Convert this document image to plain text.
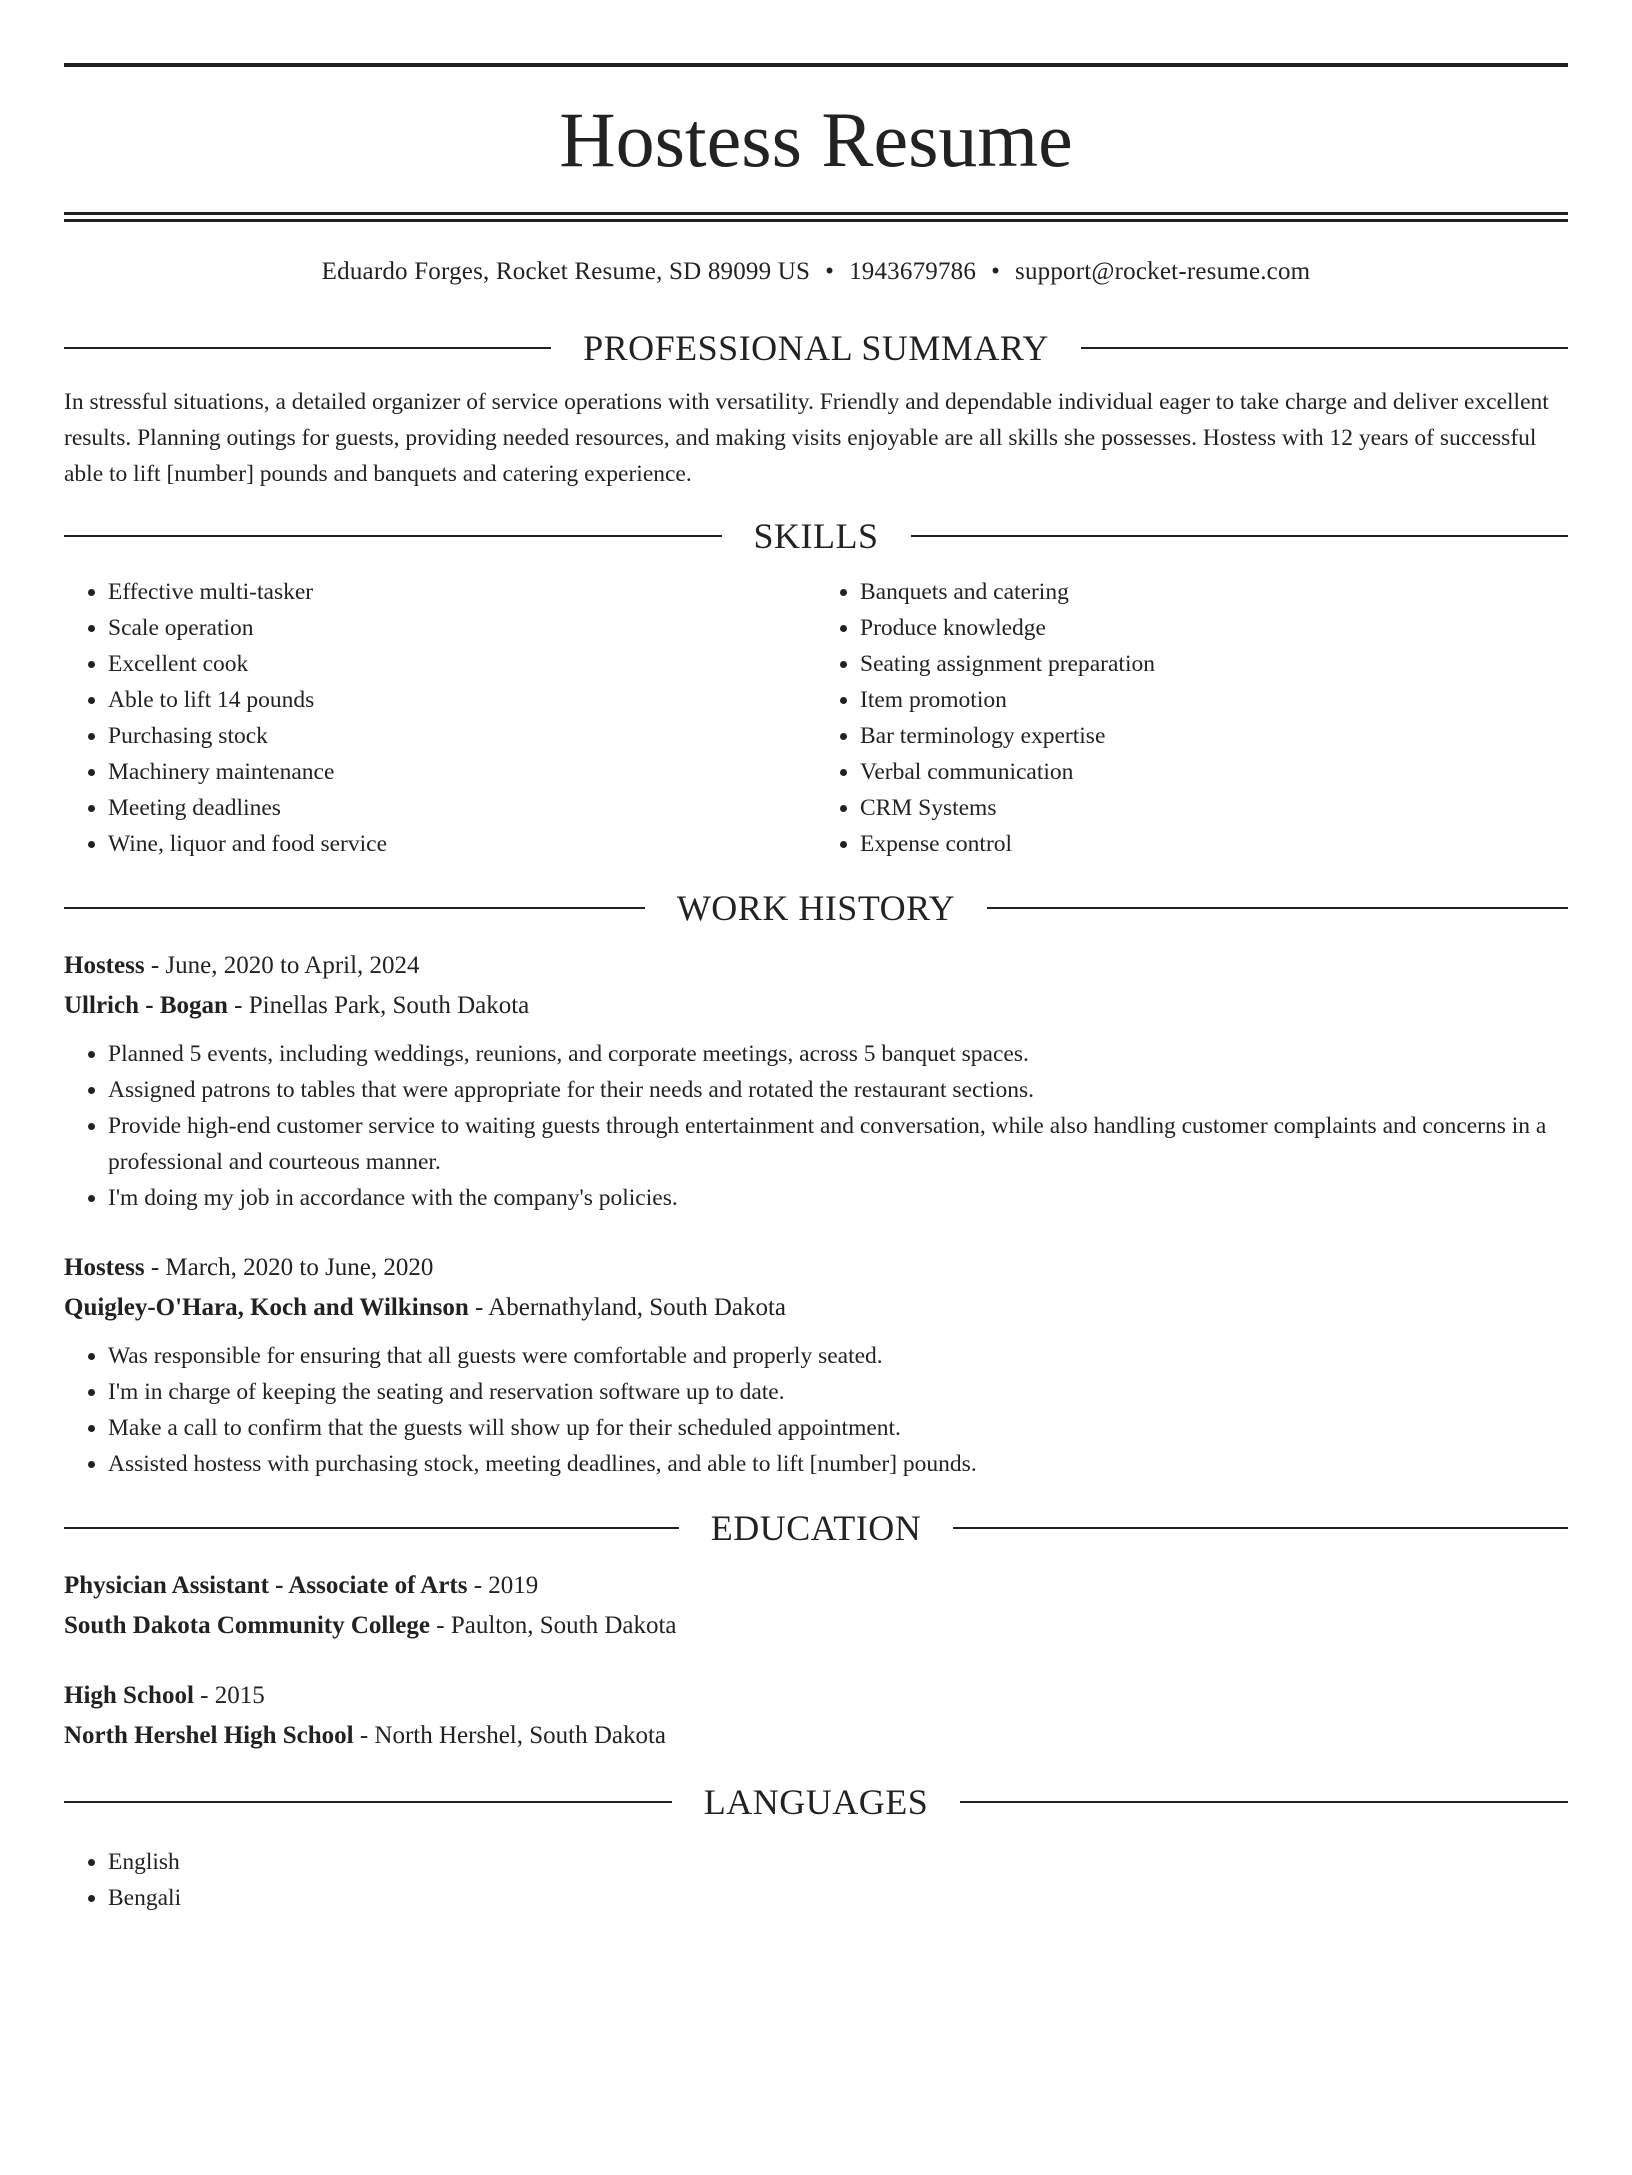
Hostess Resume
Eduardo Forges, Rocket Resume, SD 89099 US • 1943679786 • support@rocket-resume.com
PROFESSIONAL SUMMARY

In stressful situations, a detailed organizer of service operations with versatility. Friendly and dependable individual eager to take charge and deliver excellent results. Planning outings for guests, providing needed resources, and making visits enjoyable are all skills she possesses. Hostess with 12 years of successful able to lift [number] pounds and banquets and catering experience.

SKILLS
• Effective multi-tasker
• Scale operation
• Excellent cook
• Able to lift 14 pounds
• Purchasing stock
• Machinery maintenance
• Meeting deadlines
• Wine, liquor and food service
• Banquets and catering
• Produce knowledge
• Seating assignment preparation
• Item promotion
• Bar terminology expertise
• Verbal communication
• CRM Systems
• Expense control
WORK HISTORY
Hostess - June, 2020 to April, 2024
Ullrich - Bogan - Pinellas Park, South Dakota
• Planned 5 events, including weddings, reunions, and corporate meetings, across 5 banquet spaces.
• Assigned patrons to tables that were appropriate for their needs and rotated the restaurant sections.
• Provide high-end customer service to waiting guests through entertainment and conversation, while also handling customer complaints and concerns in a professional and courteous manner.
• I'm doing my job in accordance with the company's policies.
Hostess - March, 2020 to June, 2020
Quigley-O'Hara, Koch and Wilkinson - Abernathyland, South Dakota
• Was responsible for ensuring that all guests were comfortable and properly seated.
• I'm in charge of keeping the seating and reservation software up to date.
• Make a call to confirm that the guests will show up for their scheduled appointment.
• Assisted hostess with purchasing stock, meeting deadlines, and able to lift [number] pounds.
EDUCATION
Physician Assistant - Associate of Arts - 2019
South Dakota Community College - Paulton, South Dakota
High School - 2015
North Hershel High School - North Hershel, South Dakota
LANGUAGES
• English
• Bengali
